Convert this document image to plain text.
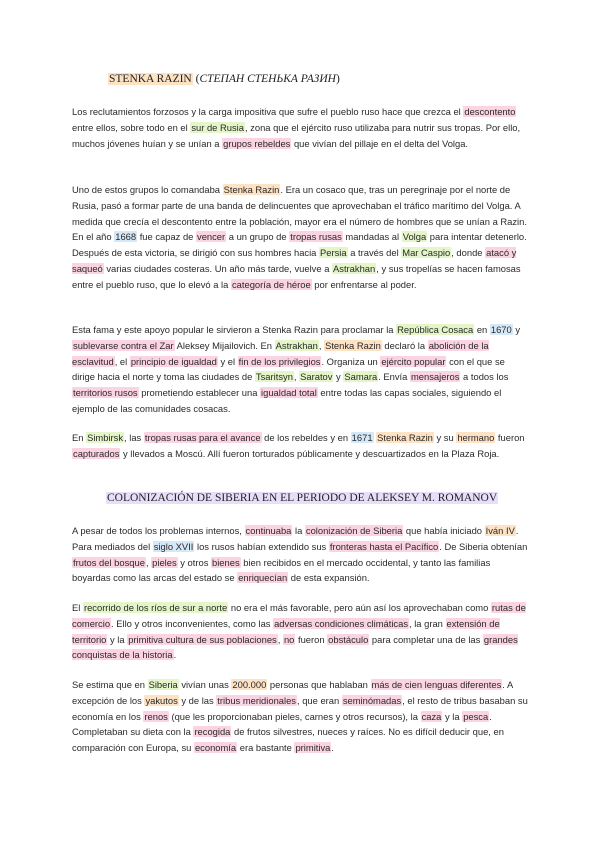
STENKA RAZIN (СТЕПАН СТЕНЬКА РАЗИН)
Los reclutamientos forzosos y la carga impositiva que sufre el pueblo ruso hace que crezca el descontento entre ellos, sobre todo en el sur de Rusia, zona que el ejército ruso utilizaba para nutrir sus tropas. Por ello, muchos jóvenes huían y se unían a grupos rebeldes que vivían del pillaje en el delta del Volga.
Uno de estos grupos lo comandaba Stenka Razin. Era un cosaco que, tras un peregrinaje por el norte de Rusia, pasó a formar parte de una banda de delincuentes que aprovechaban el tráfico marítimo del Volga. A medida que crecía el descontento entre la población, mayor era el número de hombres que se unían a Razin. En el año 1668 fue capaz de vencer a un grupo de tropas rusas mandadas al Volga para intentar detenerlo. Después de esta victoria, se dirigió con sus hombres hacia Persia a través del Mar Caspio, donde atacó y saqueó varias ciudades costeras. Un año más tarde, vuelve a Astrakhan, y sus tropelías se hacen famosas entre el pueblo ruso, que lo elevó a la categoría de héroe por enfrentarse al poder.
Esta fama y este apoyo popular le sirvieron a Stenka Razin para proclamar la República Cosaca en 1670 y sublevarse contra el Zar Aleksey Mijailovich. En Astrakhan, Stenka Razin declaró la abolición de la esclavitud, el principio de igualdad y el fin de los privilegios. Organiza un ejército popular con el que se dirige hacia el norte y toma las ciudades de Tsaritsyn, Saratov y Samara. Envía mensajeros a todos los territorios rusos prometiendo establecer una igualdad total entre todas las capas sociales, siguiendo el ejemplo de las comunidades cosacas.
En Simbirsk, las tropas rusas para el avance de los rebeldes y en 1671 Stenka Razin y su hermano fueron capturados y llevados a Moscú. Allí fueron torturados públicamente y descuartizados en la Plaza Roja.
COLONIZACIÓN DE SIBERIA EN EL PERIODO DE ALEKSEY M. ROMANOV
A pesar de todos los problemas internos, continuaba la colonización de Siberia que había iniciado Iván IV. Para mediados del siglo XVII los rusos habían extendido sus fronteras hasta el Pacífico. De Siberia obtenían frutos del bosque, pieles y otros bienes bien recibidos en el mercado occidental, y tanto las familias boyardas como las arcas del estado se enriquecían de esta expansión.
El recorrido de los ríos de sur a norte no era el más favorable, pero aún así los aprovechaban como rutas de comercio. Ello y otros inconvenientes, como las adversas condiciones climáticas, la gran extensión de territorio y la primitiva cultura de sus poblaciones, no fueron obstáculo para completar una de las grandes conquistas de la historia.
Se estima que en Siberia vivían unas 200.000 personas que hablaban más de cien lenguas diferentes. A excepción de los yakutos y de las tribus meridionales, que eran seminómadas, el resto de tribus basaban su economía en los renos (que les proporcionaban pieles, carnes y otros recursos), la caza y la pesca. Completaban su dieta con la recogida de frutos silvestres, nueces y raíces. No es difícil deducir que, en comparación con Europa, su economía era bastante primitiva.
